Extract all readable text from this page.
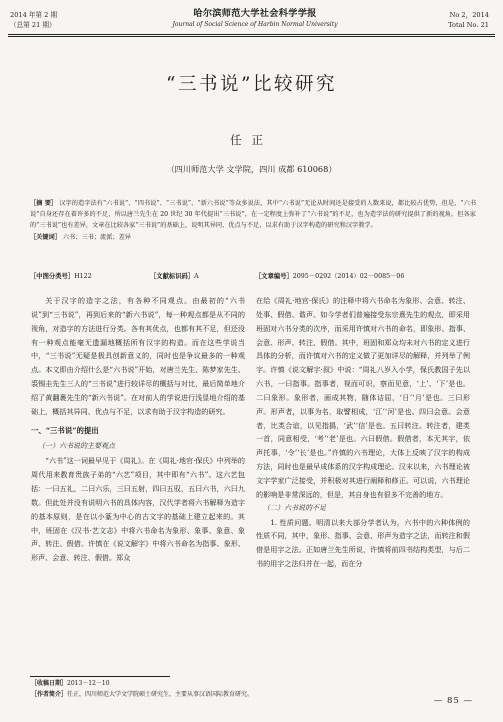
2014 年第 2 期
（总第 21 期）
哈尔滨师范大学社会科学学报
Journal of Social Science of Harbin Normal University
No 2，2014
Total No. 21
“三书说”比较研究
任正
（四川师范大学 文学院，四川 成都 610068）
［摘 要］ 汉字的造字法有“六书说”、“四书说”、“三书说”、“新六书说”等众多说法，其中“六书说”无论从时间还是接受的人数来说，都比较占优势，但是，“六书说”自身还存在着许多的不足，所以唐兰先生在 20 世纪 30 年代提出“三书说”，在一定程度上弥补了“六书说”的不足，也为造字法的研究提供了新的视角。但各家的“三书说”也有差异，文章在比较各家“三书说”的基础上，说明其异同、优点与不足，以求有助于汉字构造的研究和汉字教学。
［关键词］ 六书；三书；流派；差异
［中图分类号］H122	［文献标识码］A	［文章编号］2095－0292（2014）02－0085－06

关于汉字的造字之法，有各种不同观点。由最初的“六书说”到“三书说”，再到后来的“新六书说”，每一种观点都是从不同的视角，对造字的方法进行分类。各有其优点，也都有其不足，但还没有一种观点能毫无遗漏地概括所有汉字的构造。而在这些学说当中，“三书说”无疑是极具创新意义的，同时也是争议最多的一种观点。本文即由介绍什么是“六书说”开始，对唐兰先生、陈梦家先生、裘锡圭先生三人的“三书说”进行较详尽的概括与对比，最后简单地介绍了黄翻裹先生的“新六书说”。在对前人的学说进行浅显地介绍的基础上，概括其异同、优点与不足，以求有助于汉字构造的研究。

一、“三书说”的提出

（一）六书说的主要观点

“六书”这一词最早见于《周礼》。在《周礼·地官·保氏》中列举的周代用来教育贵族子弟的“六艺”项目，其中即有“六书”。这六艺包括：一曰五礼，二曰六乐，三曰五射，四曰五驭，五曰六书，六曰九数。但此处并没有说明六书的具体内容，汉代学者将六书解释为造字的基本原则，是在以小篆为中心的古文字的基础上建立起来的。其中，班固在《汉书·艺文志》中将六书命名为象形、象事、象意、象声、转注、假借。许慎在《说文解字》中将六书命名为指事、象形、形声、会意、转注、假借。郑众

在给《周礼·地官·保氏》的注释中将六书命名为象形、会意、转注、处事、假借、谐声。如今学者们普遍接受东宗熹先生的观点，即采用班固对六书分类的次序，而采用许慎对六书的命名，即象形、指事、会意、形声、转注、假借。其中，班固和郑众均未对六书的定义进行具体的分析，而许慎对六书的定义做了更加详尽的解释，并列举了例字。许慎《说文解字·叙》中说：“周礼八岁入小学，保氏教国子先以六书，一曰指事。指事者，视而可识，察而见意，‘上’、‘下’是也。二曰象形。象形者，画成其物，随体诘屈，‘日’‘月’是也。三曰形声。形声者，以事为名，取譬相成，‘江’‘河’是也。四曰会意。会意者，比类合谊，以见指撝，‘武’‘信’是也。五曰转注。转注者，建类一首，同意相受，‘考’‘老’是也。六曰假借。假借者，本无其字，依声托事，‘令’‘长’是也。”许慎的六书理论，大体上反映了汉字的构成方法，同时也是最早成体系的汉字构成理论。汉末以来，六书理论被文字学家广泛接受，并积极对其进行阐释和修正。可以说，六书理论的影响是非常深远的，但是，其自身也有很多不完善的地方。

（二）六书说的不足

1. 性质问题。明清以来大部分学者认为，六书中的六种体例的性质不同，其中，象形、指事、会意、形声为造字之法，而转注和假借是用字之法。正如唐兰先生所说，许慎将前四书结构类型，与后二书的用字之法归并在一起，而在分

［收稿日期］2013－12－10
［作者简介］任正，四川师范大学文学院硕士研究生，主要从事汉语国际教育研究。
— 85 —
